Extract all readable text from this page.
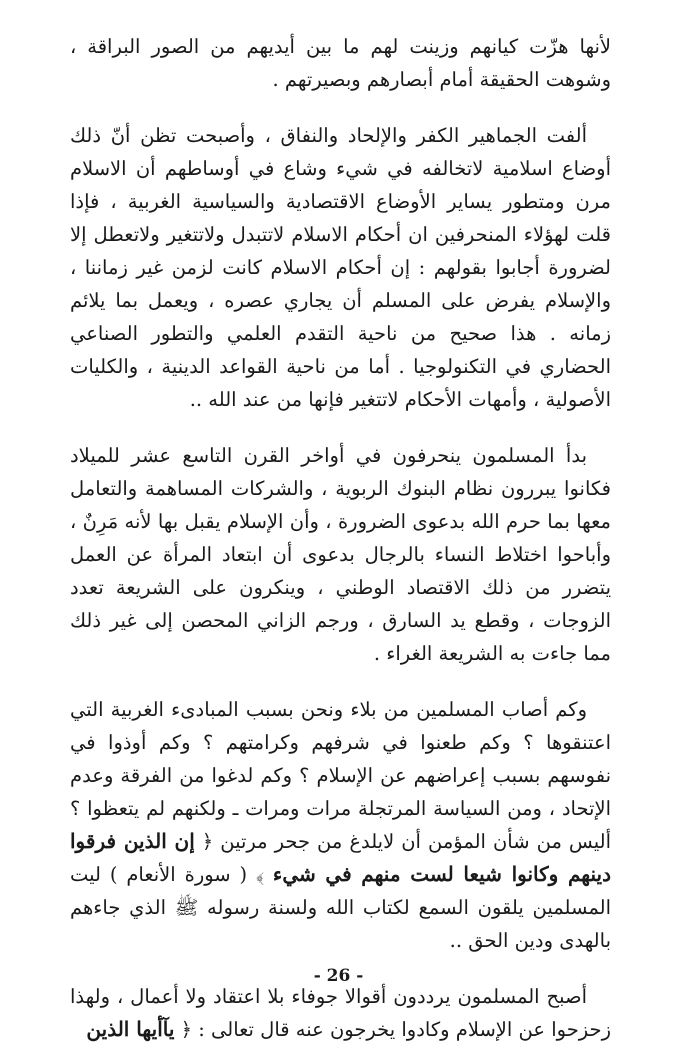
لأنها هزّت كيانهم وزينت لهم ما بين أيديهم من الصور البراقة ، وشوهت الحقيقة أمام أبصارهم وبصيرتهم .

ألفت الجماهير الكفر والإلحاد والنفاق ، وأصبحت تظن أنّ ذلك أوضاع اسلامية لاتخالفه في شيء وشاع في أوساطهم أن الاسلام مرن ومتطور يساير الأوضاع الاقتصادية والسياسية الغربية ، فإذا قلت لهؤلاء المنحرفين ان أحكام الاسلام لاتتبدل ولاتتغير ولاتعطل إلا لضرورة أجابوا بقولهم : إن أحكام الاسلام كانت لزمن غير زماننا ، والإسلام يفرض على المسلم أن يجاري عصره ، ويعمل بما يلائم زمانه . هذا صحيح من ناحية التقدم العلمي والتطور الصناعي الحضاري في التكنولوجيا . أما من ناحية القواعد الدينية ، والكليات الأصولية ، وأمهات الأحكام لاتتغير فإنها من عند الله ..

بدأ المسلمون ينحرفون في أواخر القرن التاسع عشر للميلاد فكانوا يبررون نظام البنوك الربوية ، والشركات المساهمة والتعامل معها بما حرم الله بدعوى الضرورة ، وأن الإسلام يقبل بها لأنه مَرِنٌ ، وأباحوا اختلاط النساء بالرجال بدعوى أن ابتعاد المرأة عن العمل يتضرر من ذلك الاقتصاد الوطني ، وينكرون على الشريعة تعدد الزوجات ، وقطع يد السارق ، ورجم الزاني المحصن إلى غير ذلك مما جاءت به الشريعة الغراء .

وكم أصاب المسلمين من بلاء ونحن بسبب المبادىء الغربية التي اعتنقوها ؟ وكم طعنوا في شرفهم وكرامتهم ؟ وكم أوذوا في نفوسهم بسبب إعراضهم عن الإسلام ؟ وكم لدغوا من الفرقة وعدم الإتحاد ، ومن السياسة المرتجلة مرات ومرات ـ ولكنهم لم يتعظوا ؟ أليس من شأن المؤمن أن لايلدغ من جحر مرتين ﴿ إن الذين فرقوا دينهم وكانوا شيعا لست منهم في شيء ﴾ ( سورة الأنعام ) ليت المسلمين يلقون السمع لكتاب الله ولسنة رسوله ﷺ الذي جاءهم بالهدى ودين الحق ..

أصبح المسلمون يرددون أقوالا جوفاء بلا اعتقاد ولا أعمال ، ولهذا زحزحوا عن الإسلام وكادوا يخرجون عنه قال تعالى : ﴿ يآأيها الذين

- 26 -
